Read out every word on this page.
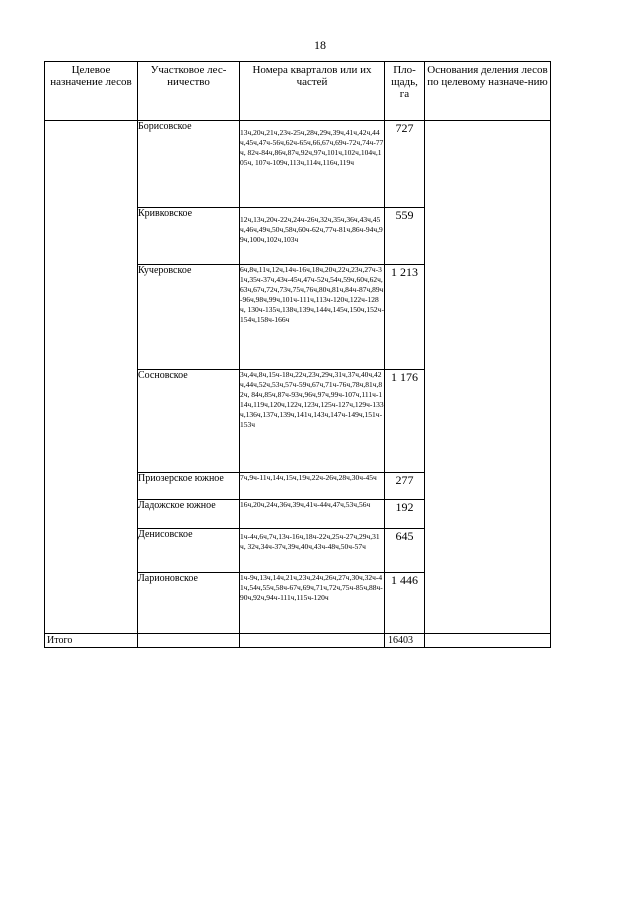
18
Целевое назначение лесов	Участковое лес-ничество	Номера кварталов или их частей	Пло-щадь, га	Основания деления лесов по целевому назначе-нию
	Борисовское	13ч,20ч,21ч,23ч-25ч,28ч,29ч,39ч,41ч,42ч,44ч,45ч,47ч-56ч,62ч-65ч,66,67ч,69ч-72ч,74ч-77ч, 82ч-84ч,86ч,87ч,92ч,97ч,101ч,102ч,104ч,105ч, 107ч-109ч,113ч,114ч,116ч,119ч	727	
	Кривковское	12ч,13ч,20ч-22ч,24ч-26ч,32ч,35ч,36ч,43ч,45ч,46ч,49ч,50ч,58ч,60ч-62ч,77ч-81ч,86ч-94ч,99ч,100ч,102ч,103ч	559	
	Кучеровское	6ч,8ч,11ч,12ч,14ч-16ч,18ч,20ч,22ч,23ч,27ч-31ч,35ч-37ч,43ч-45ч,47ч-52ч,54ч,59ч,60ч,62ч,63ч,67ч,72ч,73ч,75ч,76ч,80ч,81ч,84ч-87ч,89ч-96ч,98ч,99ч,101ч-111ч,113ч-120ч,122ч-128ч, 130ч-135ч,138ч,139ч,144ч,145ч,150ч,152ч-154ч,158ч-166ч	1 213	
	Сосновское	3ч,4ч,8ч,15ч-18ч,22ч,23ч,29ч,31ч,37ч,40ч,42ч,44ч,52ч,53ч,57ч-59ч,67ч,71ч-76ч,78ч,81ч,82ч, 84ч,85ч,87ч-93ч,96ч,97ч,99ч-107ч,111ч-114ч,119ч,120ч,122ч,123ч,125ч-127ч,129ч-133ч,136ч,137ч,139ч,141ч,143ч,147ч-149ч,151ч-153ч	1 176	
	Приозерское южное	7ч,9ч-11ч,14ч,15ч,19ч,22ч-26ч,28ч,30ч-45ч	277	
	Ладожское южное	16ч,20ч,24ч,36ч,39ч,41ч-44ч,47ч,53ч,56ч	192	
	Денисовское	1ч-4ч,6ч,7ч,13ч-16ч,18ч-22ч,25ч-27ч,29ч,31ч, 32ч,34ч-37ч,39ч,40ч,43ч-48ч,50ч-57ч	645	
	Ларионовское	1ч-9ч,13ч,14ч,21ч,23ч,24ч,26ч,27ч,30ч,32ч-41ч,54ч,55ч,58ч-67ч,69ч,71ч,72ч,75ч-85ч,88ч-90ч,92ч,94ч-111ч,115ч-120ч	1 446	
Итого			16403	
